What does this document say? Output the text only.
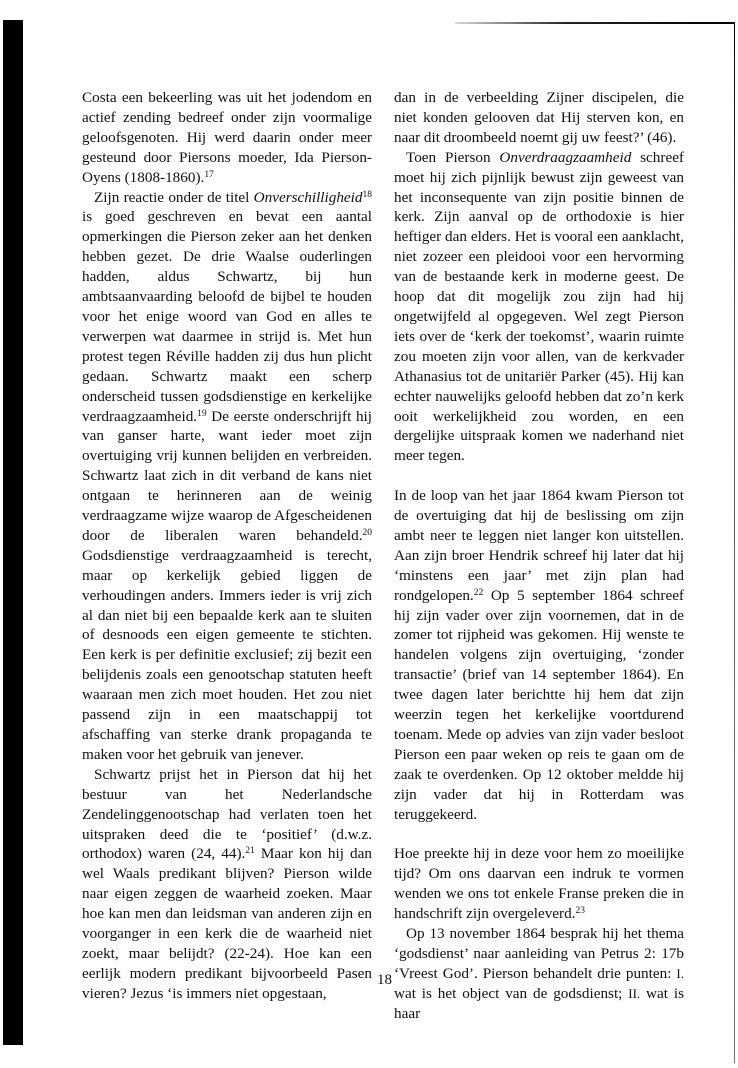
Costa een bekeerling was uit het jodendom en actief zending bedreef onder zijn voormalige geloofsgenoten. Hij werd daarin onder meer gesteund door Piersons moeder, Ida Pierson-Oyens (1808-1860).$^{17}$

Zijn reactie onder de titel Onverschilligheid$^{18}$ is goed geschreven en bevat een aantal opmerkingen die Pierson zeker aan het denken hebben gezet. De drie Waalse ouderlingen hadden, aldus Schwartz, bij hun ambtsaanvaarding beloofd de bijbel te houden voor het enige woord van God en alles te verwerpen wat daarmee in strijd is. Met hun protest tegen Réville hadden zij dus hun plicht gedaan. Schwartz maakt een scherp onderscheid tussen godsdienstige en kerkelijke verdraagzaamheid.$^{19}$ De eerste onderschrijft hij van ganser harte, want ieder moet zijn overtuiging vrij kunnen belijden en verbreiden. Schwartz laat zich in dit verband de kans niet ontgaan te herinneren aan de weinig verdraagzame wijze waarop de Afgescheidenen door de liberalen waren behandeld.$^{20}$ Godsdienstige verdraagzaamheid is terecht, maar op kerkelijk gebied liggen de verhoudingen anders. Immers ieder is vrij zich al dan niet bij een bepaalde kerk aan te sluiten of desnoods een eigen gemeente te stichten. Een kerk is per definitie exclusief; zij bezit een belijdenis zoals een genootschap statuten heeft waaraan men zich moet houden. Het zou niet passend zijn in een maatschappij tot afschaffing van sterke drank propaganda te maken voor het gebruik van jenever.

Schwartz prijst het in Pierson dat hij het bestuur van het Nederlandsche Zendelinggenootschap had verlaten toen het uitspraken deed die te ‘positief’ (d.w.z. orthodox) waren (24, 44).$^{21}$ Maar kon hij dan wel Waals predikant blijven? Pierson wilde naar eigen zeggen de waarheid zoeken. Maar hoe kan men dan leidsman van anderen zijn en voorganger in een kerk die de waarheid niet zoekt, maar belijdt? (22-24). Hoe kan een eerlijk modern predikant bijvoorbeeld Pasen vieren? Jezus ‘is immers niet opgestaan,

dan in de verbeelding Zijner discipelen, die niet konden gelooven dat Hij sterven kon, en naar dit droombeeld noemt gij uw feest?’ (46).

Toen Pierson Onverdraagzaamheid schreef moet hij zich pijnlijk bewust zijn geweest van het inconsequente van zijn positie binnen de kerk. Zijn aanval op de orthodoxie is hier heftiger dan elders. Het is vooral een aanklacht, niet zozeer een pleidooi voor een hervorming van de bestaande kerk in moderne geest. De hoop dat dit mogelijk zou zijn had hij ongetwijfeld al opgegeven. Wel zegt Pierson iets over de ‘kerk der toekomst’, waarin ruimte zou moeten zijn voor allen, van de kerkvader Athanasius tot de unitariër Parker (45). Hij kan echter nauwelijks geloofd hebben dat zo’n kerk ooit werkelijkheid zou worden, en een dergelijke uitspraak komen we naderhand niet meer tegen.

In de loop van het jaar 1864 kwam Pierson tot de overtuiging dat hij de beslissing om zijn ambt neer te leggen niet langer kon uitstellen. Aan zijn broer Hendrik schreef hij later dat hij ‘minstens een jaar’ met zijn plan had rondgelopen.$^{22}$ Op 5 september 1864 schreef hij zijn vader over zijn voornemen, dat in de zomer tot rijpheid was gekomen. Hij wenste te handelen volgens zijn overtuiging, ‘zonder transactie’ (brief van 14 september 1864). En twee dagen later berichtte hij hem dat zijn weerzin tegen het kerkelijke voortdurend toenam. Mede op advies van zijn vader besloot Pierson een paar weken op reis te gaan om de zaak te overdenken. Op 12 oktober meldde hij zijn vader dat hij in Rotterdam was teruggekeerd.

Hoe preekte hij in deze voor hem zo moeilijke tijd? Om ons daarvan een indruk te vormen wenden we ons tot enkele Franse preken die in handschrift zijn overgeleverd.$^{23}$

Op 13 november 1864 besprak hij het thema ‘godsdienst’ naar aanleiding van Petrus 2: 17b ‘Vreest God’. Pierson behandelt drie punten: I. wat is het object van de godsdienst; II. wat is haar

18
